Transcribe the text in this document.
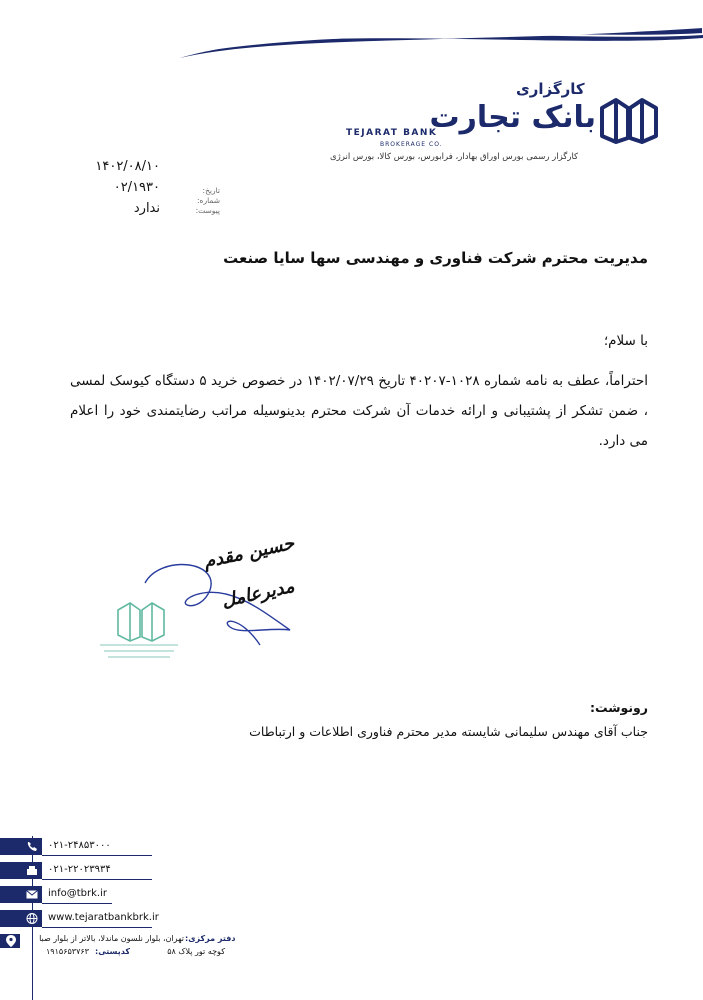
کارگزاری
بانک تجارت
TEJARAT BANK
BROKERAGE CO.
کارگزار رسمی بورس اوراق بهادار، فرابورس، بورس کالا، بورس انرژی
۱۴۰۲/۰۸/۱۰
۰۲/۱۹۳۰
ندارد
تاریخ:
شماره:
پیوست:
مدیریت محترم شرکت فناوری و مهندسی سها سایا صنعت
با سلام؛
احتراماً، عطف به نامه شماره ۱۰۲۸-۴۰۲۰۷ تاریخ ۱۴۰۲/۰۷/۲۹ در خصوص خرید ۵ دستگاه کیوسک لمسی ، ضمن تشکر از پشتیبانی و ارائه خدمات آن شرکت محترم بدینوسیله مراتب رضایتمندی خود را اعلام می دارد.
حسین مقدم
مدیرعامل
رونوشت:
جناب آقای مهندس سلیمانی شایسته مدیر محترم فناوری اطلاعات و ارتباطات
۰۲۱-۲۴۸۵۳۰۰۰
۰۲۱-۲۲۰۲۳۹۳۴
info@tbrk.ir
www.tejaratbankbrk.ir
دفتر مرکزی:
تهران، بلوار نلسون ماندلا، بالاتر از بلوار صبا
کوچه تور پلاک ۵۸
کدپستی:
۱۹۱۵۶۵۳۷۶۳
